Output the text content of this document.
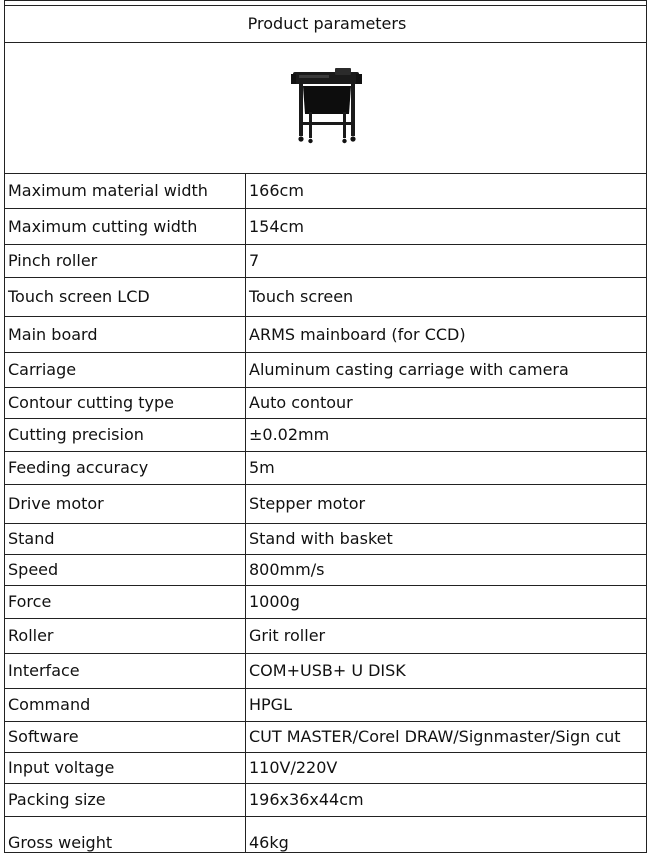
Product parameters	

Maximum material width	166cm
Maximum cutting width	154cm
Pinch roller	7
Touch screen LCD	Touch screen
Main board	ARMS mainboard (for CCD)
Carriage	Aluminum casting carriage with camera
Contour cutting type	Auto contour
Cutting precision	±0.02mm
Feeding accuracy	5m
Drive motor	Stepper motor
Stand	Stand with basket
Speed	800mm/s
Force	1000g
Roller	Grit roller
Interface	COM+USB+ U DISK
Command	HPGL
Software	CUT MASTER/Corel DRAW/Signmaster/Sign cut
Input voltage	110V/220V
Packing size	196x36x44cm
Gross weight	46kg
